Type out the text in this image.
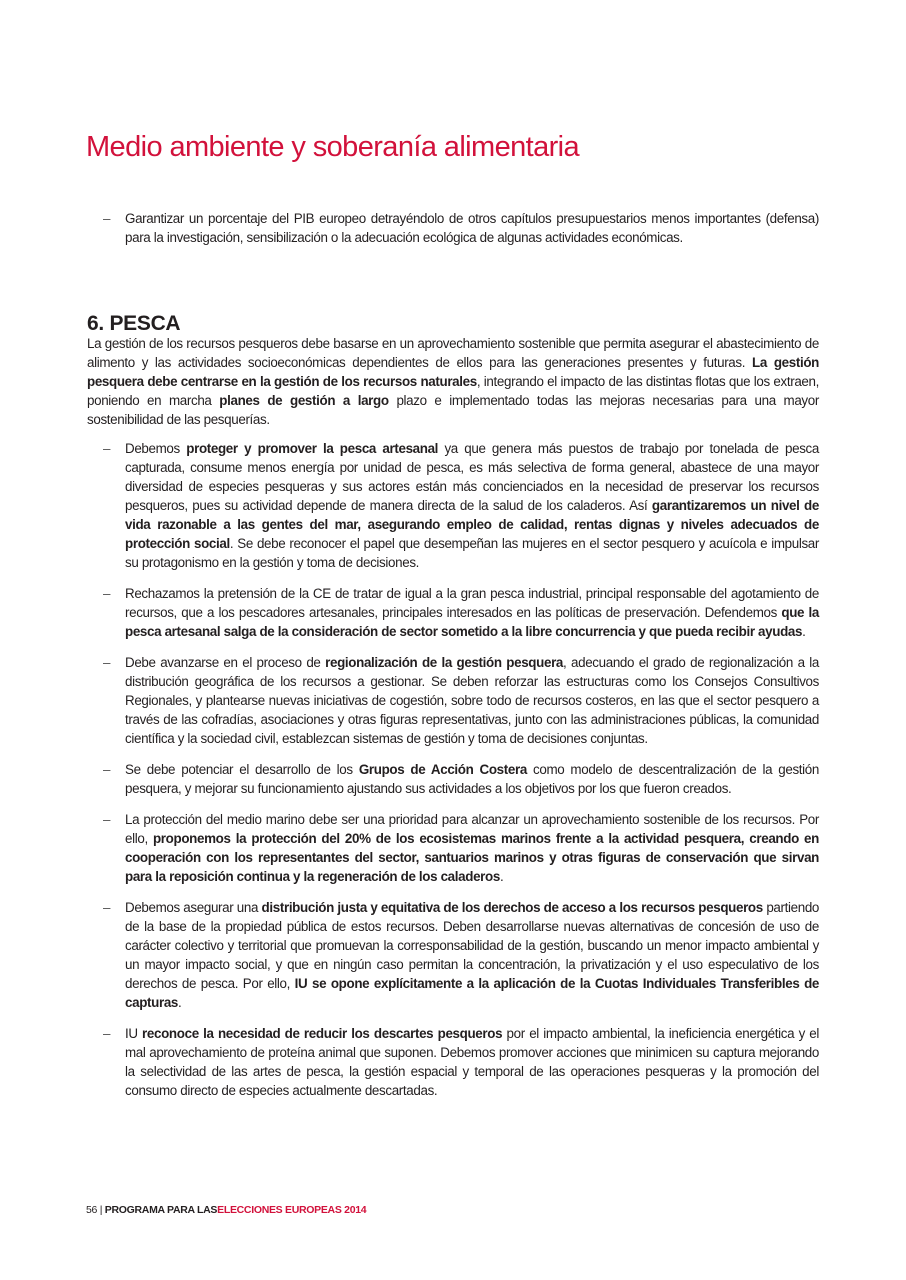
Medio ambiente y soberanía alimentaria
– Garantizar un porcentaje del PIB europeo detrayéndolo de otros capítulos presupuestarios menos importantes (defensa) para la investigación, sensibilización o la adecuación ecológica de algunas actividades económicas.
6. PESCA

La gestión de los recursos pesqueros debe basarse en un aprovechamiento sostenible que permita asegurar el abastecimiento de alimento y las actividades socioeconómicas dependientes de ellos para las generaciones presentes y futuras. La gestión pesquera debe centrarse en la gestión de los recursos naturales, integrando el impacto de las distintas flotas que los extraen, poniendo en marcha planes de gestión a largo plazo e implementado todas las mejoras necesarias para una mayor sostenibilidad de las pesquerías.

– Debemos proteger y promover la pesca artesanal ya que genera más puestos de trabajo por tonelada de pesca capturada, consume menos energía por unidad de pesca, es más selectiva de forma general, abastece de una mayor diversidad de especies pesqueras y sus actores están más concienciados en la necesidad de preservar los recursos pesqueros, pues su actividad depende de manera directa de la salud de los caladeros. Así garantizaremos un nivel de vida razonable a las gentes del mar, asegurando empleo de calidad, rentas dignas y niveles adecuados de protección social. Se debe reconocer el papel que desempeñan las mujeres en el sector pesquero y acuícola e impulsar su protagonismo en la gestión y toma de decisiones.
– Rechazamos la pretensión de la CE de tratar de igual a la gran pesca industrial, principal responsable del agotamiento de recursos, que a los pescadores artesanales, principales interesados en las políticas de preservación. Defendemos que la pesca artesanal salga de la consideración de sector sometido a la libre concurrencia y que pueda recibir ayudas.
– Debe avanzarse en el proceso de regionalización de la gestión pesquera, adecuando el grado de regionalización a la distribución geográfica de los recursos a gestionar. Se deben reforzar las estructuras como los Consejos Consultivos Regionales, y plantearse nuevas iniciativas de cogestión, sobre todo de recursos costeros, en las que el sector pesquero a través de las cofradías, asociaciones y otras figuras representativas, junto con las administraciones públicas, la comunidad científica y la sociedad civil, establezcan sistemas de gestión y toma de decisiones conjuntas.
– Se debe potenciar el desarrollo de los Grupos de Acción Costera como modelo de descentralización de la gestión pesquera, y mejorar su funcionamiento ajustando sus actividades a los objetivos por los que fueron creados.
– La protección del medio marino debe ser una prioridad para alcanzar un aprovechamiento sostenible de los recursos. Por ello, proponemos la protección del 20% de los ecosistemas marinos frente a la actividad pesquera, creando en cooperación con los representantes del sector, santuarios marinos y otras figuras de conservación que sirvan para la reposición continua y la regeneración de los caladeros.
– Debemos asegurar una distribución justa y equitativa de los derechos de acceso a los recursos pesqueros partiendo de la base de la propiedad pública de estos recursos. Deben desarrollarse nuevas alternativas de concesión de uso de carácter colectivo y territorial que promuevan la corresponsabilidad de la gestión, buscando un menor impacto ambiental y un mayor impacto social, y que en ningún caso permitan la concentración, la privatización y el uso especulativo de los derechos de pesca. Por ello, IU se opone explícitamente a la aplicación de la Cuotas Individuales Transferibles de capturas.
– IU reconoce la necesidad de reducir los descartes pesqueros por el impacto ambiental, la ineficiencia energética y el mal aprovechamiento de proteína animal que suponen. Debemos promover acciones que minimicen su captura mejorando la selectividad de las artes de pesca, la gestión espacial y temporal de las operaciones pesqueras y la promoción del consumo directo de especies actualmente descartadas.
56 | PROGRAMA PARA LASELECCIONES EUROPEAS 2014
